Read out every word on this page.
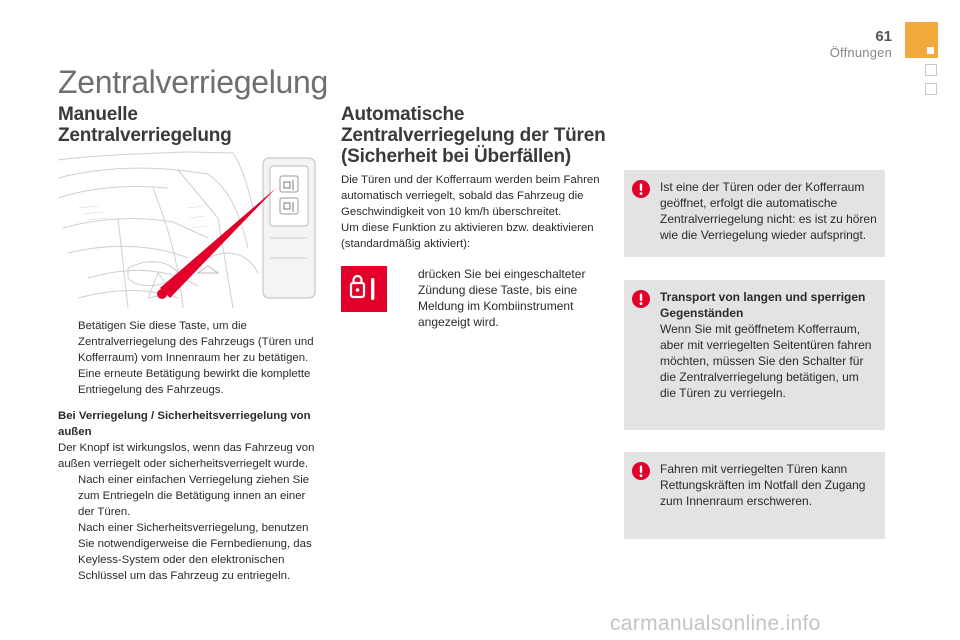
61
Öffnungen
Zentralverriegelung
Manuelle
Zentralverriegelung
Betätigen Sie diese Taste, um die Zentralverriegelung des Fahrzeugs (Türen und Kofferraum) vom Innenraum her zu betätigen.
Eine erneute Betätigung bewirkt die komplette Entriegelung des Fahrzeugs.

Bei Verriegelung / Sicherheitsverriegelung von außen

Der Knopf ist wirkungslos, wenn das Fahrzeug von außen verriegelt oder sicherheitsverriegelt wurde.

Nach einer einfachen Verriegelung ziehen Sie zum Entriegeln die Betätigung innen an einer der Türen.
Nach einer Sicherheitsverriegelung, benutzen Sie notwendigerweise die Fernbedienung, das Keyless-System oder den elektronischen Schlüssel um das Fahrzeug zu entriegeln.
Automatische
Zentralverriegelung der Türen
(Sicherheit bei Überfällen)

Die Türen und der Kofferraum werden beim Fahren automatisch verriegelt, sobald das Fahrzeug die Geschwindigkeit von 10 km/h überschreitet.

Um diese Funktion zu aktivieren bzw. deaktivieren (standardmäßig aktiviert):

drücken Sie bei eingeschalteter Zündung diese Taste, bis eine Meldung im Kombiinstrument angezeigt wird.

Ist eine der Türen oder der Kofferraum geöffnet, erfolgt die automatische Zentralverriegelung nicht: es ist zu hören wie die Verriegelung wieder aufspringt.

Transport von langen und sperrigen Gegenständen

Wenn Sie mit geöffnetem Kofferraum, aber mit verriegelten Seitentüren fahren möchten, müssen Sie den Schalter für die Zentralverriegelung betätigen, um die Türen zu verriegeln.

Fahren mit verriegelten Türen kann Rettungskräften im Notfall den Zugang zum Innenraum erschweren.

carmanualsonline.info
